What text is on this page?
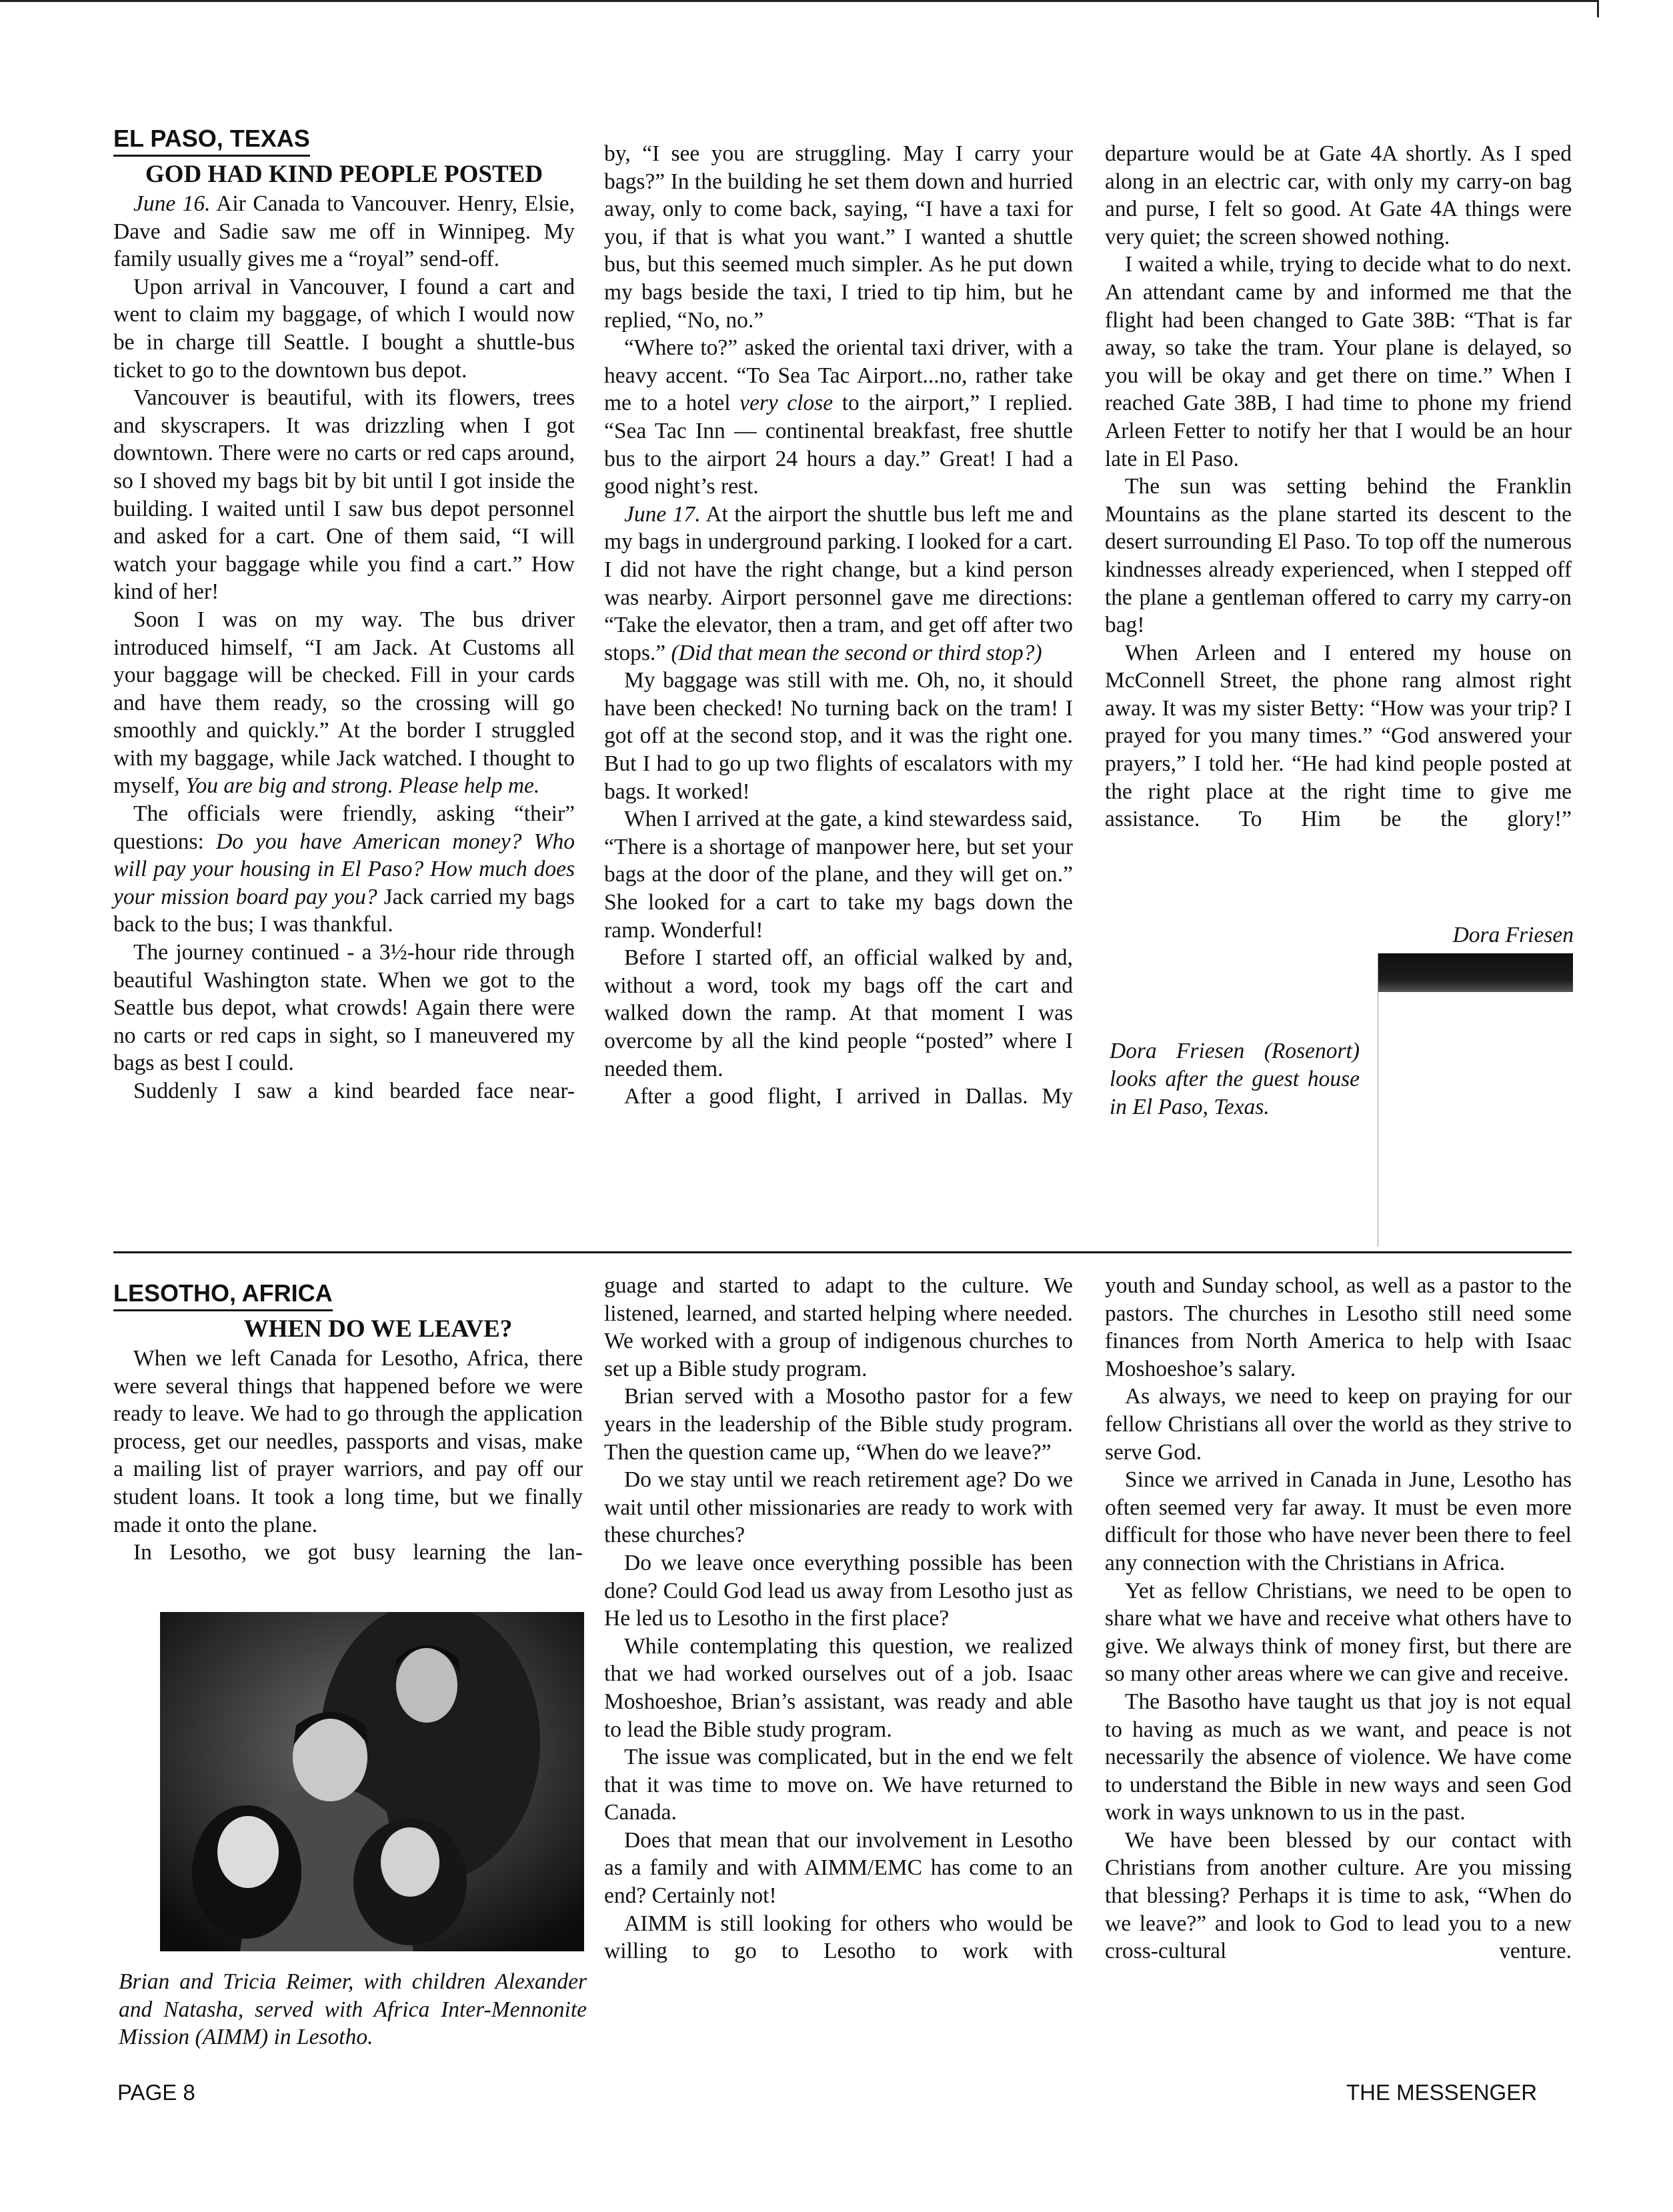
EL PASO, TEXAS
GOD HAD KIND PEOPLE POSTED

June 16. Air Canada to Vancouver. Henry, Elsie, Dave and Sadie saw me off in Winnipeg. My family usually gives me a “royal” send-off.

Upon arrival in Vancouver, I found a cart and went to claim my baggage, of which I would now be in charge till Seattle. I bought a shuttle-bus ticket to go to the downtown bus depot.

Vancouver is beautiful, with its flowers, trees and skyscrapers. It was drizzling when I got downtown. There were no carts or red caps around, so I shoved my bags bit by bit until I got inside the building. I waited until I saw bus depot personnel and asked for a cart. One of them said, “I will watch your baggage while you find a cart.” How kind of her!

Soon I was on my way. The bus driver introduced himself, “I am Jack. At Customs all your baggage will be checked. Fill in your cards and have them ready, so the crossing will go smoothly and quickly.” At the border I struggled with my baggage, while Jack watched. I thought to myself, You are big and strong. Please help me.

The officials were friendly, asking “their” questions: Do you have American money? Who will pay your housing in El Paso? How much does your mission board pay you? Jack carried my bags back to the bus; I was thankful.

The journey continued - a 3½-hour ride through beautiful Washington state. When we got to the Seattle bus depot, what crowds! Again there were no carts or red caps in sight, so I maneuvered my bags as best I could.

Suddenly I saw a kind bearded face near-

by, “I see you are struggling. May I carry your bags?” In the building he set them down and hurried away, only to come back, saying, “I have a taxi for you, if that is what you want.” I wanted a shuttle bus, but this seemed much simpler. As he put down my bags beside the taxi, I tried to tip him, but he replied, “No, no.”

“Where to?” asked the oriental taxi driver, with a heavy accent. “To Sea Tac Airport...no, rather take me to a hotel very close to the airport,” I replied. “Sea Tac Inn — continental breakfast, free shuttle bus to the airport 24 hours a day.” Great! I had a good night’s rest.

June 17. At the airport the shuttle bus left me and my bags in underground parking. I looked for a cart. I did not have the right change, but a kind person was nearby. Airport personnel gave me directions: “Take the elevator, then a tram, and get off after two stops.” (Did that mean the second or third stop?)

My baggage was still with me. Oh, no, it should have been checked! No turning back on the tram! I got off at the second stop, and it was the right one. But I had to go up two flights of escalators with my bags. It worked!

When I arrived at the gate, a kind stewardess said, “There is a shortage of manpower here, but set your bags at the door of the plane, and they will get on.” She looked for a cart to take my bags down the ramp. Wonderful!

Before I started off, an official walked by and, without a word, took my bags off the cart and walked down the ramp. At that moment I was overcome by all the kind people “posted” where I needed them.

After a good flight, I arrived in Dallas. My

departure would be at Gate 4A shortly. As I sped along in an electric car, with only my carry-on bag and purse, I felt so good. At Gate 4A things were very quiet; the screen showed nothing.

I waited a while, trying to decide what to do next. An attendant came by and informed me that the flight had been changed to Gate 38B: “That is far away, so take the tram. Your plane is delayed, so you will be okay and get there on time.” When I reached Gate 38B, I had time to phone my friend Arleen Fetter to notify her that I would be an hour late in El Paso.

The sun was setting behind the Franklin Mountains as the plane started its descent to the desert surrounding El Paso. To top off the numerous kindnesses already experienced, when I stepped off the plane a gentleman offered to carry my carry-on bag!

When Arleen and I entered my house on McConnell Street, the phone rang almost right away. It was my sister Betty: “How was your trip? I prayed for you many times.” “God answered your prayers,” I told her. “He had kind people posted at the right place at the right time to give me assistance. To Him be the glory!”

Dora Friesen
Dora Friesen (Rosenort) looks after the guest house in El Paso, Texas.
LESOTHO, AFRICA
WHEN DO WE LEAVE?

When we left Canada for Lesotho, Africa, there were several things that happened before we were ready to leave. We had to go through the application process, get our needles, passports and visas, make a mailing list of prayer warriors, and pay off our student loans. It took a long time, but we finally made it onto the plane.

In Lesotho, we got busy learning the lan-

Brian and Tricia Reimer, with children Alexander and Natasha, served with Africa Inter-Mennonite Mission (AIMM) in Lesotho.

guage and started to adapt to the culture. We listened, learned, and started helping where needed. We worked with a group of indigenous churches to set up a Bible study program.

Brian served with a Mosotho pastor for a few years in the leadership of the Bible study program. Then the question came up, “When do we leave?”

Do we stay until we reach retirement age? Do we wait until other missionaries are ready to work with these churches?

Do we leave once everything possible has been done? Could God lead us away from Lesotho just as He led us to Lesotho in the first place?

While contemplating this question, we realized that we had worked ourselves out of a job. Isaac Moshoeshoe, Brian’s assistant, was ready and able to lead the Bible study program.

The issue was complicated, but in the end we felt that it was time to move on. We have returned to Canada.

Does that mean that our involvement in Lesotho as a family and with AIMM/EMC has come to an end? Certainly not!

AIMM is still looking for others who would be willing to go to Lesotho to work with

youth and Sunday school, as well as a pastor to the pastors. The churches in Lesotho still need some finances from North America to help with Isaac Moshoeshoe’s salary.

As always, we need to keep on praying for our fellow Christians all over the world as they strive to serve God.

Since we arrived in Canada in June, Lesotho has often seemed very far away. It must be even more difficult for those who have never been there to feel any connection with the Christians in Africa.

Yet as fellow Christians, we need to be open to share what we have and receive what others have to give. We always think of money first, but there are so many other areas where we can give and receive.

The Basotho have taught us that joy is not equal to having as much as we want, and peace is not necessarily the absence of violence. We have come to understand the Bible in new ways and seen God work in ways unknown to us in the past.

We have been blessed by our contact with Christians from another culture. Are you missing that blessing? Perhaps it is time to ask, “When do we leave?” and look to God to lead you to a new cross-cultural venture.

PAGE 8	THE MESSENGER
